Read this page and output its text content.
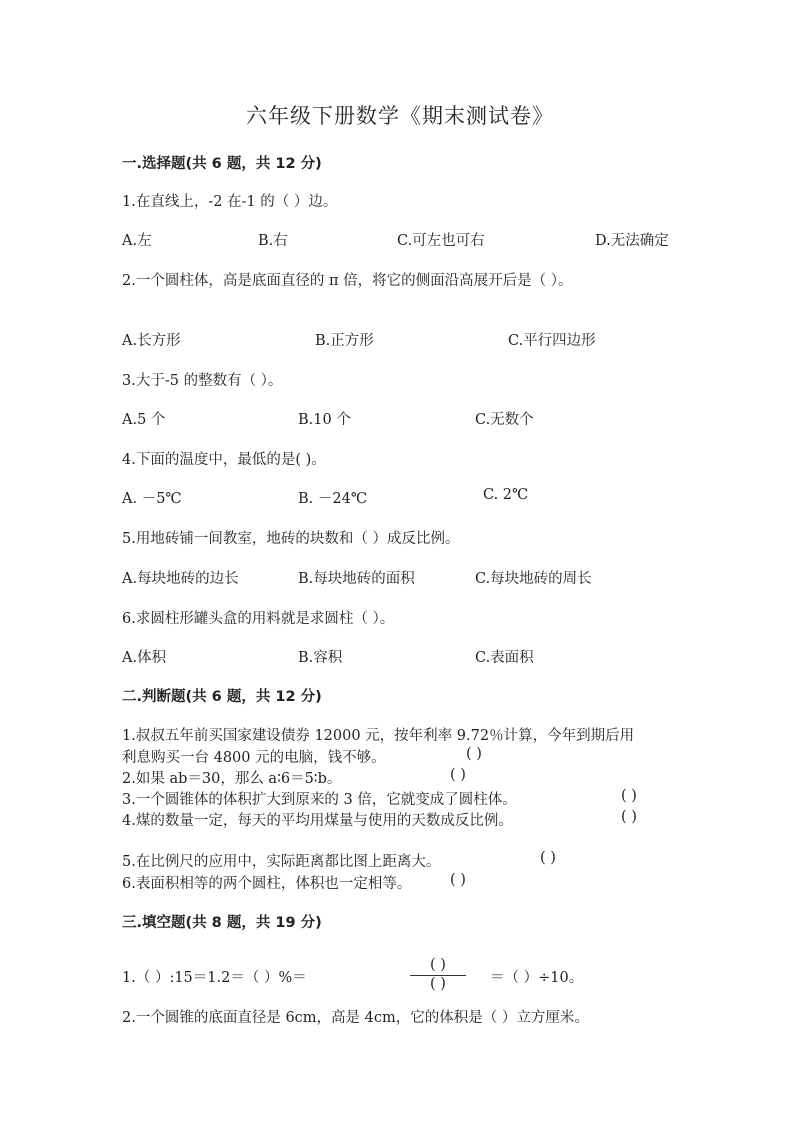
六年级下册数学《期末测试卷》
一.选择题(共 6 题，共 12 分)
1.在直线上，-2 在-1 的（ ）边。
A.左	B.右	C.可左也可右	D.无法确定
2.一个圆柱体，高是底面直径的 π 倍，将它的侧面沿高展开后是（ ）。
A.长方形	B.正方形	C.平行四边形
3.大于-5 的整数有（ ）。
A.5 个	B.10 个	C.无数个
4.下面的温度中，最低的是( )。
A. －5℃	B. －24℃	C. 2℃
5.用地砖铺一间教室，地砖的块数和（ ）成反比例。
A.每块地砖的边长	B.每块地砖的面积	C.每块地砖的周长
6.求圆柱形罐头盒的用料就是求圆柱（ ）。
A.体积	B.容积	C.表面积
二.判断题(共 6 题，共 12 分)
1.叔叔五年前买国家建设债券 12000 元，按年利率 9.72％计算，今年到期后用
利息购买一台 4800 元的电脑，钱不够。	( )
2.如果 ab＝30，那么 a∶6＝5∶b。	( )
3.一个圆锥体的体积扩大到原来的 3 倍，它就变成了圆柱体。	( )
4.煤的数量一定，每天的平均用煤量与使用的天数成反比例。	( )
5.在比例尺的应用中，实际距离都比图上距离大。	( )
6.表面积相等的两个圆柱，体积也一定相等。	( )
三.填空题(共 8 题，共 19 分)
1.（ ）:15＝1.2＝（ ）%＝
( )
( )	＝（ ）÷10。
2.一个圆锥的底面直径是 6cm，高是 4cm，它的体积是（ ）立方厘米。
